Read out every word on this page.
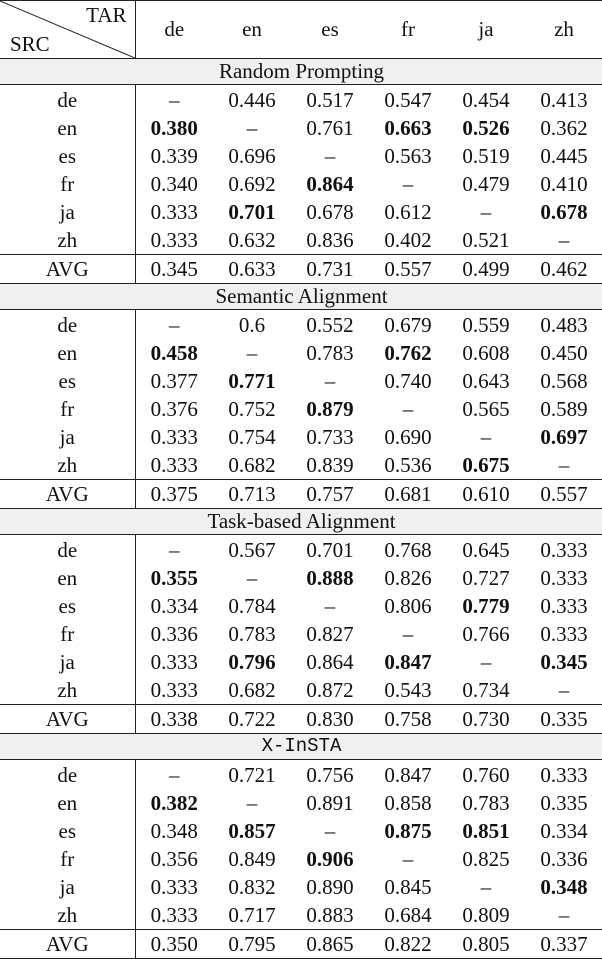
TAR
SRC	de	en	es	fr	ja	zh
Random Prompting						
de	–	0.446	0.517	0.547	0.454	0.413
en	0.380	–	0.761	0.663	0.526	0.362
es	0.339	0.696	–	0.563	0.519	0.445
fr	0.340	0.692	0.864	–	0.479	0.410
ja	0.333	0.701	0.678	0.612	–	0.678
zh	0.333	0.632	0.836	0.402	0.521	–
AVG	0.345	0.633	0.731	0.557	0.499	0.462
Semantic Alignment						
de	–	0.6	0.552	0.679	0.559	0.483
en	0.458	–	0.783	0.762	0.608	0.450
es	0.377	0.771	–	0.740	0.643	0.568
fr	0.376	0.752	0.879	–	0.565	0.589
ja	0.333	0.754	0.733	0.690	–	0.697
zh	0.333	0.682	0.839	0.536	0.675	–
AVG	0.375	0.713	0.757	0.681	0.610	0.557
Task-based Alignment						
de	–	0.567	0.701	0.768	0.645	0.333
en	0.355	–	0.888	0.826	0.727	0.333
es	0.334	0.784	–	0.806	0.779	0.333
fr	0.336	0.783	0.827	–	0.766	0.333
ja	0.333	0.796	0.864	0.847	–	0.345
zh	0.333	0.682	0.872	0.543	0.734	–
AVG	0.338	0.722	0.830	0.758	0.730	0.335
X-InSTA						
de	–	0.721	0.756	0.847	0.760	0.333
en	0.382	–	0.891	0.858	0.783	0.335
es	0.348	0.857	–	0.875	0.851	0.334
fr	0.356	0.849	0.906	–	0.825	0.336
ja	0.333	0.832	0.890	0.845	–	0.348
zh	0.333	0.717	0.883	0.684	0.809	–
AVG	0.350	0.795	0.865	0.822	0.805	0.337
